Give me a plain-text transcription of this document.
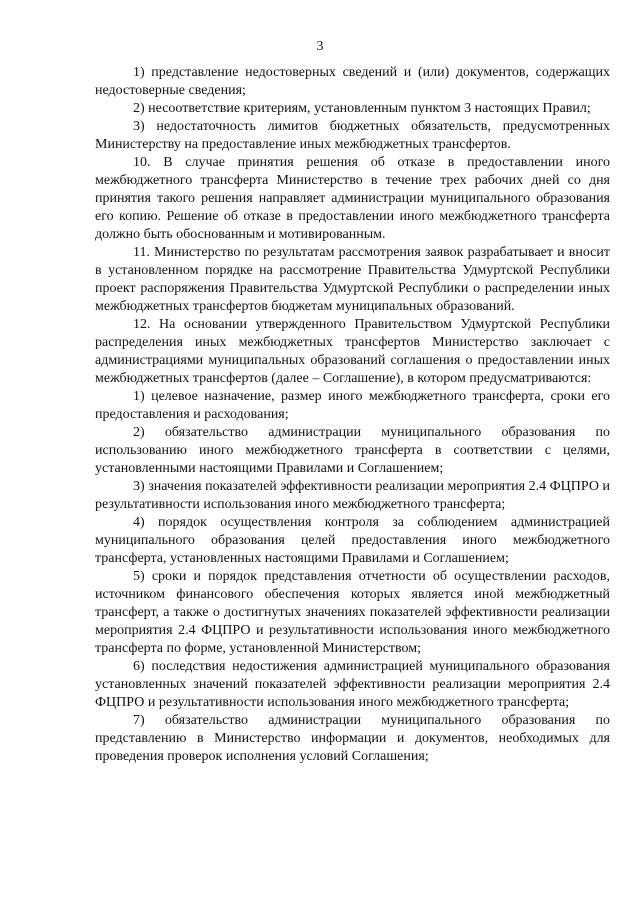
3

1) представление недостоверных сведений и (или) документов, содержащих недостоверные сведения;

2) несоответствие критериям, установленным пунктом 3 настоящих Правил;

3) недостаточность лимитов бюджетных обязательств, предусмотренных Министерству на предоставление иных межбюджетных трансфертов.

10. В случае принятия решения об отказе в предоставлении иного межбюджетного трансферта Министерство в течение трех рабочих дней со дня принятия такого решения направляет администрации муниципального образования его копию. Решение об отказе в предоставлении иного межбюджетного трансферта должно быть обоснованным и мотивированным.

11. Министерство по результатам рассмотрения заявок разрабатывает и вносит в установленном порядке на рассмотрение Правительства Удмуртской Республики проект распоряжения Правительства Удмуртской Республики о распределении иных межбюджетных трансфертов бюджетам муниципальных образований.

12. На основании утвержденного Правительством Удмуртской Республики распределения иных межбюджетных трансфертов Министерство заключает с администрациями муниципальных образований соглашения о предоставлении иных межбюджетных трансфертов (далее – Соглашение), в котором предусматриваются:

1) целевое назначение, размер иного межбюджетного трансферта, сроки его предоставления и расходования;

2) обязательство администрации муниципального образования по использованию иного межбюджетного трансферта в соответствии с целями, установленными настоящими Правилами и Соглашением;

3) значения показателей эффективности реализации мероприятия 2.4 ФЦПРО и результативности использования иного межбюджетного трансферта;

4) порядок осуществления контроля за соблюдением администрацией муниципального образования целей предоставления иного межбюджетного трансферта, установленных настоящими Правилами и Соглашением;

5) сроки и порядок представления отчетности об осуществлении расходов, источником финансового обеспечения которых является иной межбюджетный трансферт, а также о достигнутых значениях показателей эффективности реализации мероприятия 2.4 ФЦПРО и результативности использования иного межбюджетного трансферта по форме, установленной Министерством;

6) последствия недостижения администрацией муниципального образования установленных значений показателей эффективности реализации мероприятия 2.4 ФЦПРО и результативности использования иного межбюджетного трансферта;

7) обязательство администрации муниципального образования по представлению в Министерство информации и документов, необходимых для проведения проверок исполнения условий Соглашения;
